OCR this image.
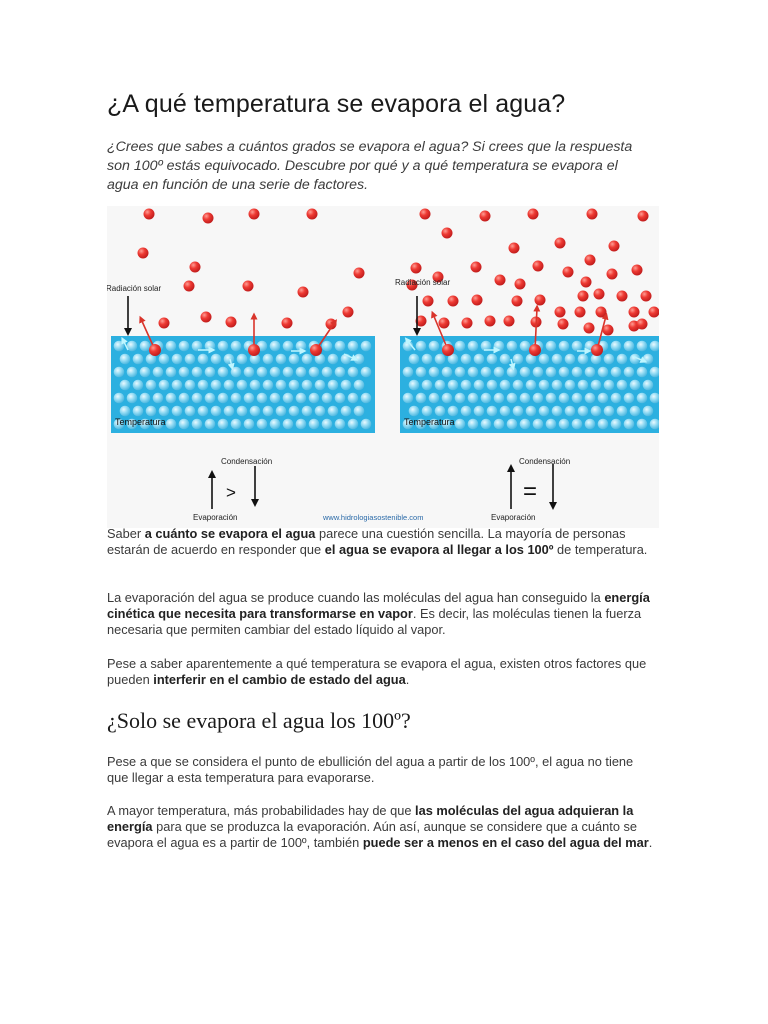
¿A qué temperatura se evapora el agua?

¿Crees que sabes a cuántos grados se evapora el agua? Si crees que la respuesta son 100º estás equivocado. Descubre por qué y a qué temperatura se evapora el agua en función de una serie de factores.

Radiación solar
Radiación solar
Temperatura	Temperatura
Condensación
Evaporación
>
Condensación
Evaporación
=
www.hidrologiasostenible.com

Saber a cuánto se evapora el agua parece una cuestión sencilla. La mayoría de personas estarán de acuerdo en responder que el agua se evapora al llegar a los 100º de temperatura.

La evaporación del agua se produce cuando las moléculas del agua han conseguido la energía cinética que necesita para transformarse en vapor. Es decir, las moléculas tienen la fuerza necesaria que permiten cambiar del estado líquido al vapor.

Pese a saber aparentemente a qué temperatura se evapora el agua, existen otros factores que pueden interferir en el cambio de estado del agua.

¿Solo se evapora el agua los 100º?

Pese a que se considera el punto de ebullición del agua a partir de los 100º, el agua no tiene que llegar a esta temperatura para evaporarse.

A mayor temperatura, más probabilidades hay de que las moléculas del agua adquieran la energía para que se produzca la evaporación. Aún así, aunque se considere que a cuánto se evapora el agua es a partir de 100º, también puede ser a menos en el caso del agua del mar.
